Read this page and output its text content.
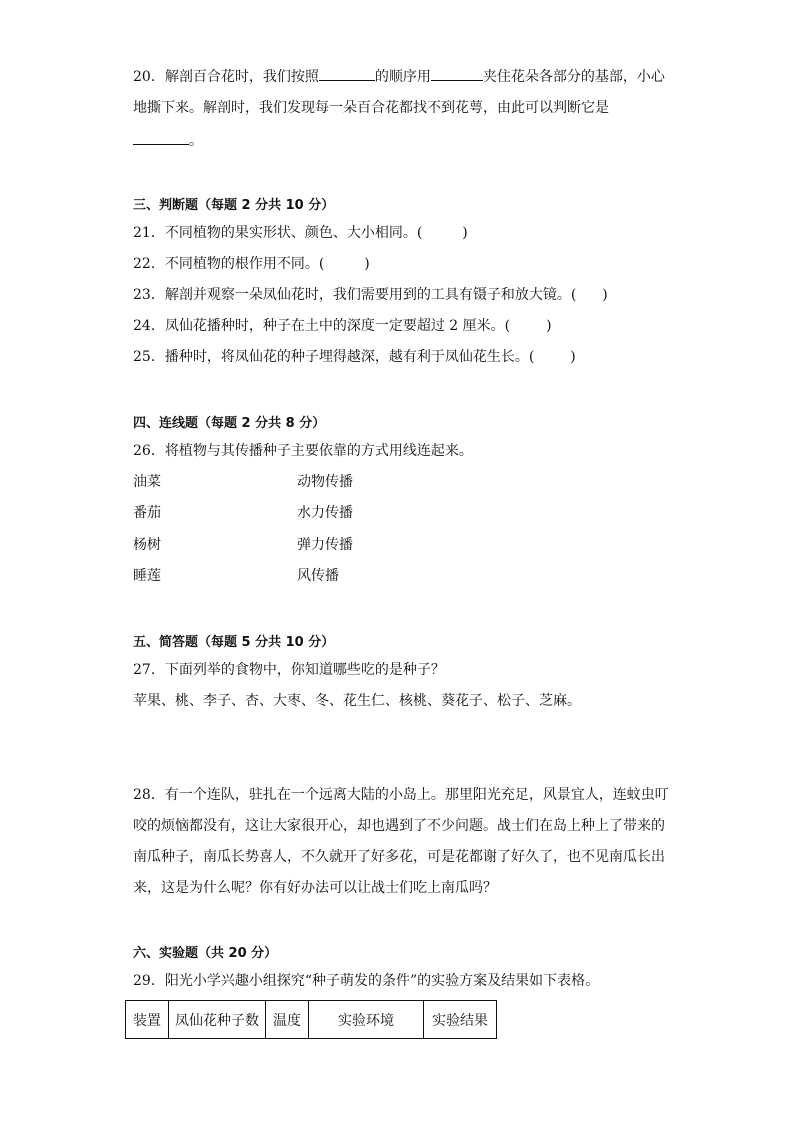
20．解剖百合花时，我们按照	的顺序用	夹住花朵各部分的基部，小心
地撕下来。解剖时，我们发现每一朵百合花都找不到花萼，由此可以判断它是
。
三、判断题（每题 2 分共 10 分）
21．不同植物的果实形状、颜色、大小相同。(	)
22．不同植物的根作用不同。(	)
23．解剖并观察一朵凤仙花时，我们需要用到的工具有镊子和放大镜。( )
24．凤仙花播种时，种子在土中的深度一定要超过 2 厘米。(	)
25．播种时，将凤仙花的种子埋得越深，越有利于凤仙花生长。(	)
四、连线题（每题 2 分共 8 分）
26．将植物与其传播种子主要依靠的方式用线连起来。
油菜	动物传播
番茄	水力传播
杨树	弹力传播
睡莲	风传播
五、简答题（每题 5 分共 10 分）
27．下面列举的食物中，你知道哪些吃的是种子？
苹果、桃、李子、杏、大枣、冬、花生仁、核桃、葵花子、松子、芝麻。
28．有一个连队，驻扎在一个远离大陆的小岛上。那里阳光充足，风景宜人，连蚊虫叮
咬的烦恼都没有，这让大家很开心，却也遇到了不少问题。战士们在岛上种上了带来的
南瓜种子，南瓜长势喜人，不久就开了好多花，可是花都谢了好久了，也不见南瓜长出
来，这是为什么呢？你有好办法可以让战士们吃上南瓜吗？
六、实验题（共 20 分）
29．阳光小学兴趣小组探究“种子萌发的条件”的实验方案及结果如下表格。
装置	凤仙花种子数	温度	实验环境	实验结果
